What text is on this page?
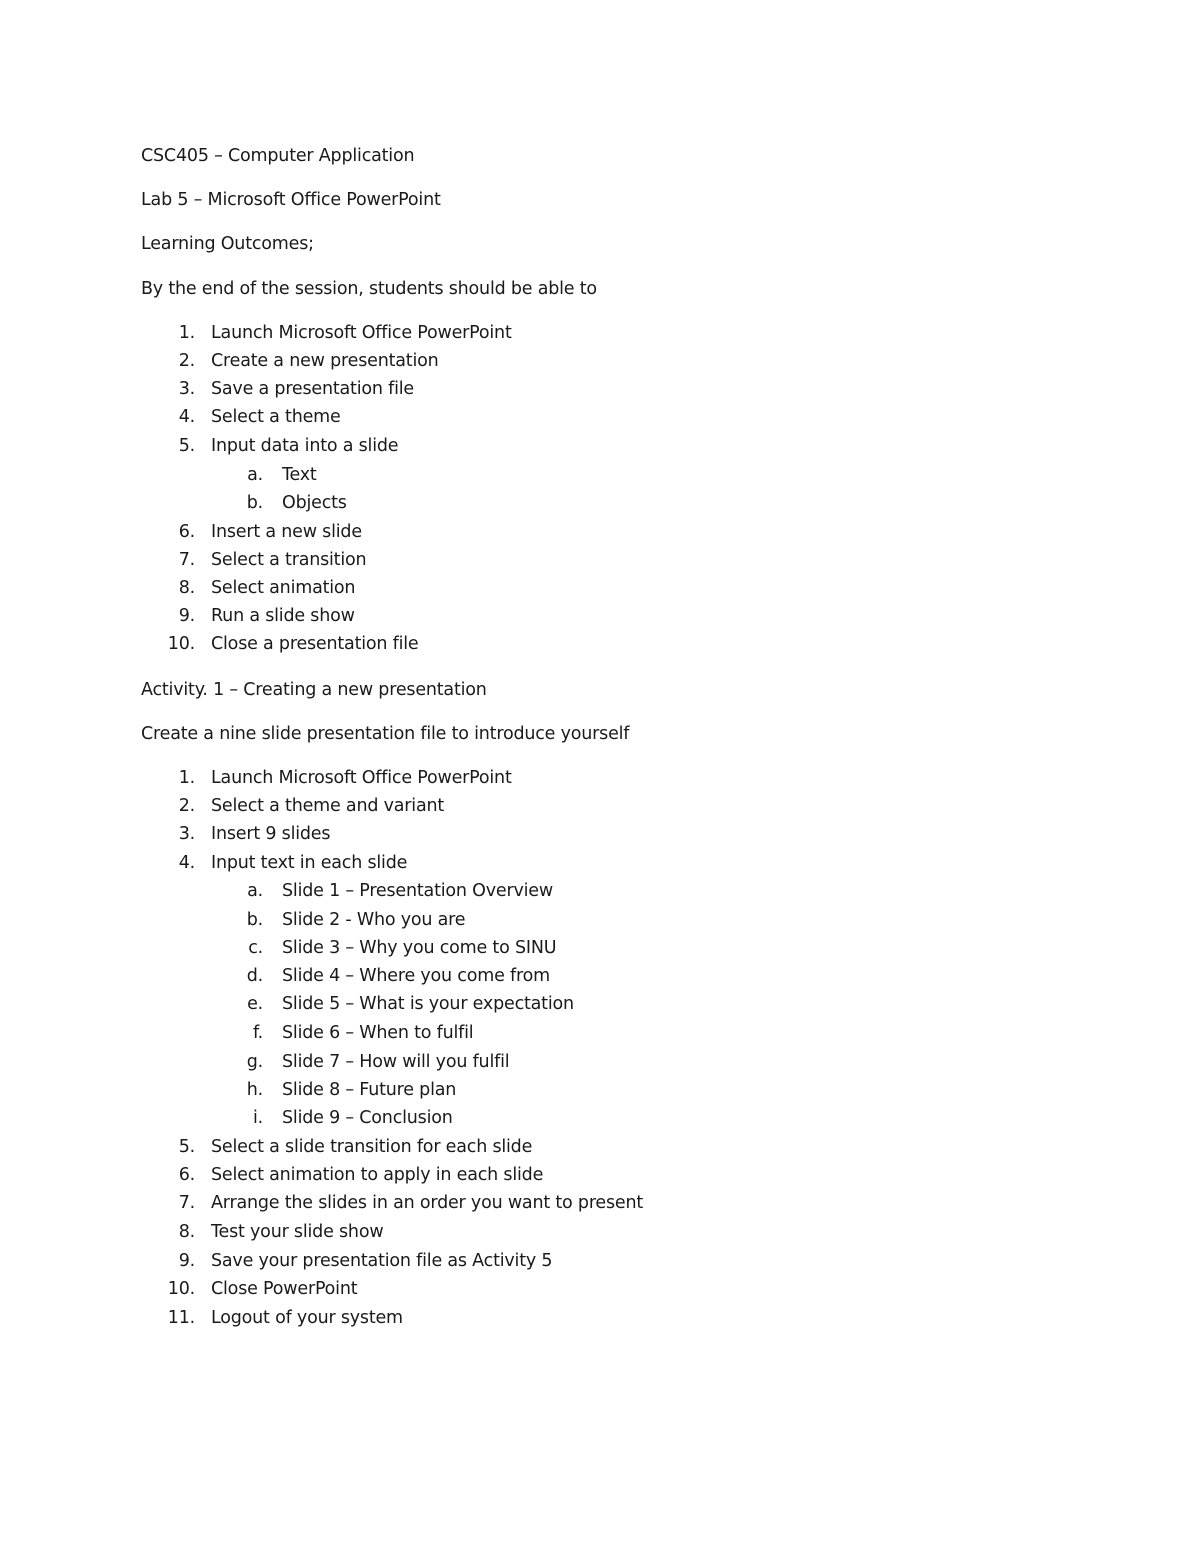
CSC405 – Computer Application
Lab 5 – Microsoft Office PowerPoint
Learning Outcomes;
By the end of the session, students should be able to
1. Launch Microsoft Office PowerPoint
2. Create a new presentation
3. Save a presentation file
4. Select a theme
5. Input data into a slide
a. Text
b. Objects
6. Insert a new slide
7. Select a transition
8. Select animation
9. Run a slide show
10. Close a presentation file
Activity. 1 – Creating a new presentation
Create a nine slide presentation file to introduce yourself
1. Launch Microsoft Office PowerPoint
2. Select a theme and variant
3. Insert 9 slides
4. Input text in each slide
a. Slide 1 – Presentation Overview
b. Slide 2 - Who you are
c. Slide 3 – Why you come to SINU
d. Slide 4 – Where you come from
e. Slide 5 – What is your expectation
f. Slide 6 – When to fulfil
g. Slide 7 – How will you fulfil
h. Slide 8 – Future plan
i. Slide 9 – Conclusion
5. Select a slide transition for each slide
6. Select animation to apply in each slide
7. Arrange the slides in an order you want to present
8. Test your slide show
9. Save your presentation file as Activity 5
10. Close PowerPoint
11. Logout of your system
